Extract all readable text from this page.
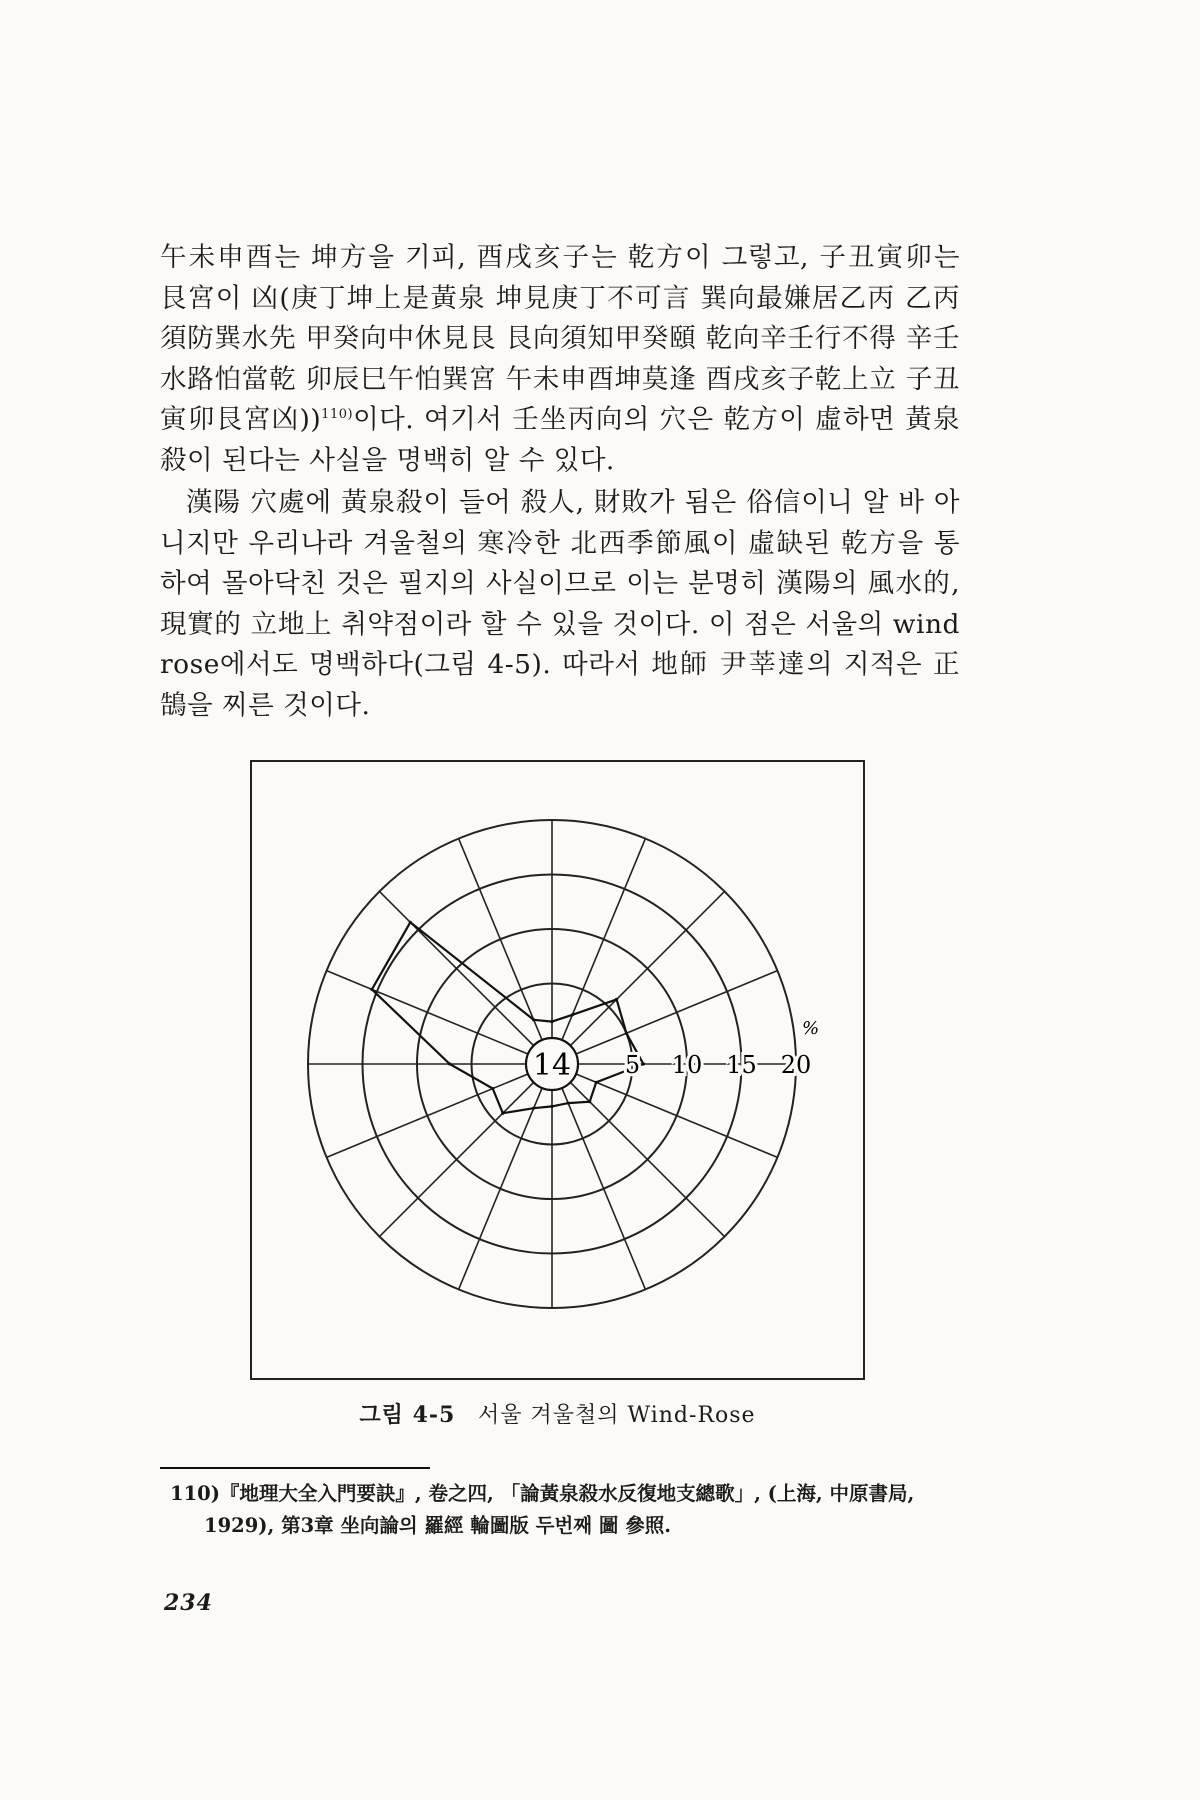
午未申酉는 坤方을 기피, 酉戌亥子는 乾方이 그렇고, 子丑寅卯는 艮宮이 凶(庚丁坤上是黃泉 坤見庚丁不可言 巽向最嫌居乙丙 乙丙須防巽水先 甲癸向中休見艮 艮向須知甲癸頤 乾向辛壬行不得 辛壬水路怕當乾 卯辰巳午怕巽宮 午未申酉坤莫逢 酉戌亥子乾上立 子丑寅卯艮宮凶))$^{110)}$이다. 여기서 壬坐丙向의 穴은 乾方이 虛하면 黃泉殺이 된다는 사실을 명백히 알 수 있다.

漢陽 穴處에 黃泉殺이 들어 殺人, 財敗가 됨은 俗信이니 알 바 아니지만 우리나라 겨울철의 寒冷한 北西季節風이 虛缺된 乾方을 통하여 몰아닥친 것은 필지의 사실이므로 이는 분명히 漢陽의 風水的, 現實的 立地上 취약점이라 할 수 있을 것이다. 이 점은 서울의 wind rose에서도 명백하다(그림 4-5). 따라서 地師 尹莘達의 지적은 正鵠을 찌른 것이다.

14 5 10 15 20
%
그림 4-5 서울 겨울철의 Wind-Rose
110)『地理大全入門要訣』, 卷之四, 「論黃泉殺水反復地支總歌」, (上海, 中原書局,
1929), 第3章 坐向論의 羅經 輪圖版 두번째 圖 參照.
234
